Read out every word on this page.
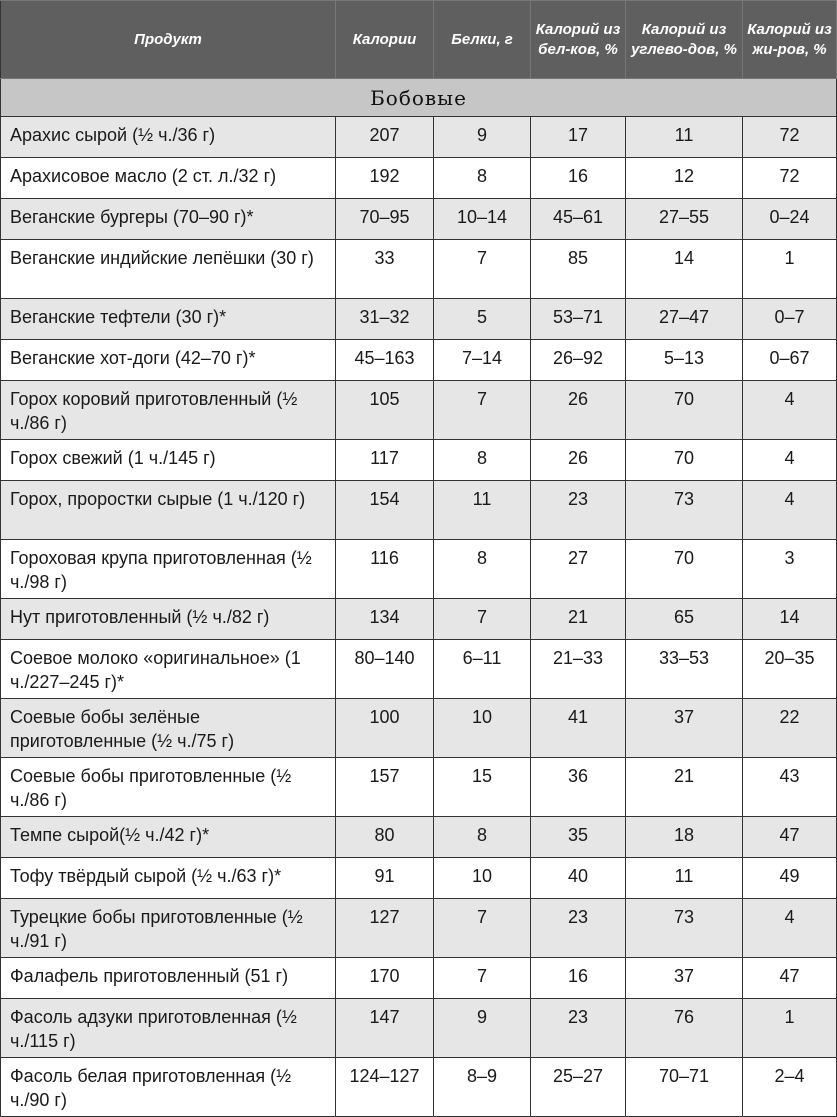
Продукт	Калории	Белки, г	Калорий из бел-ков, %	Калорий из углево-дов, %	Калорий из жи-ров, %
Бобовые					
Арахис сырой (½ ч./36 г)	207	9	17	11	72
Арахисовое масло (2 ст. л./32 г)	192	8	16	12	72
Веганские бургеры (70–90 г)*	70–95	10–14	45–61	27–55	0–24
Веганские индийские лепёшки (30 г)	33	7	85	14	1
Веганские тефтели (30 г)*	31–32	5	53–71	27–47	0–7
Веганские хот-доги (42–70 г)*	45–163	7–14	26–92	5–13	0–67
Горох коровий приготовленный (½ ч./86 г)	105	7	26	70	4
Горох свежий (1 ч./145 г)	117	8	26	70	4
Горох, проростки сырые (1 ч./120 г)	154	11	23	73	4
Гороховая крупа приготовленная (½ ч./98 г)	116	8	27	70	3
Нут приготовленный (½ ч./82 г)	134	7	21	65	14
Соевое молоко «оригинальное» (1 ч./227–245 г)*	80–140	6–11	21–33	33–53	20–35
Соевые бобы зелёные приготовленные (½ ч./75 г)	100	10	41	37	22
Соевые бобы приготовленные (½ ч./86 г)	157	15	36	21	43
Темпе сырой(½ ч./42 г)*	80	8	35	18	47
Тофу твёрдый сырой (½ ч./63 г)*	91	10	40	11	49
Турецкие бобы приготовленные (½ ч./91 г)	127	7	23	73	4
Фалафель приготовленный (51 г)	170	7	16	37	47
Фасоль адзуки приготовленная (½ ч./115 г)	147	9	23	76	1
Фасоль белая приготовленная (½ ч./90 г)	124–127	8–9	25–27	70–71	2–4
